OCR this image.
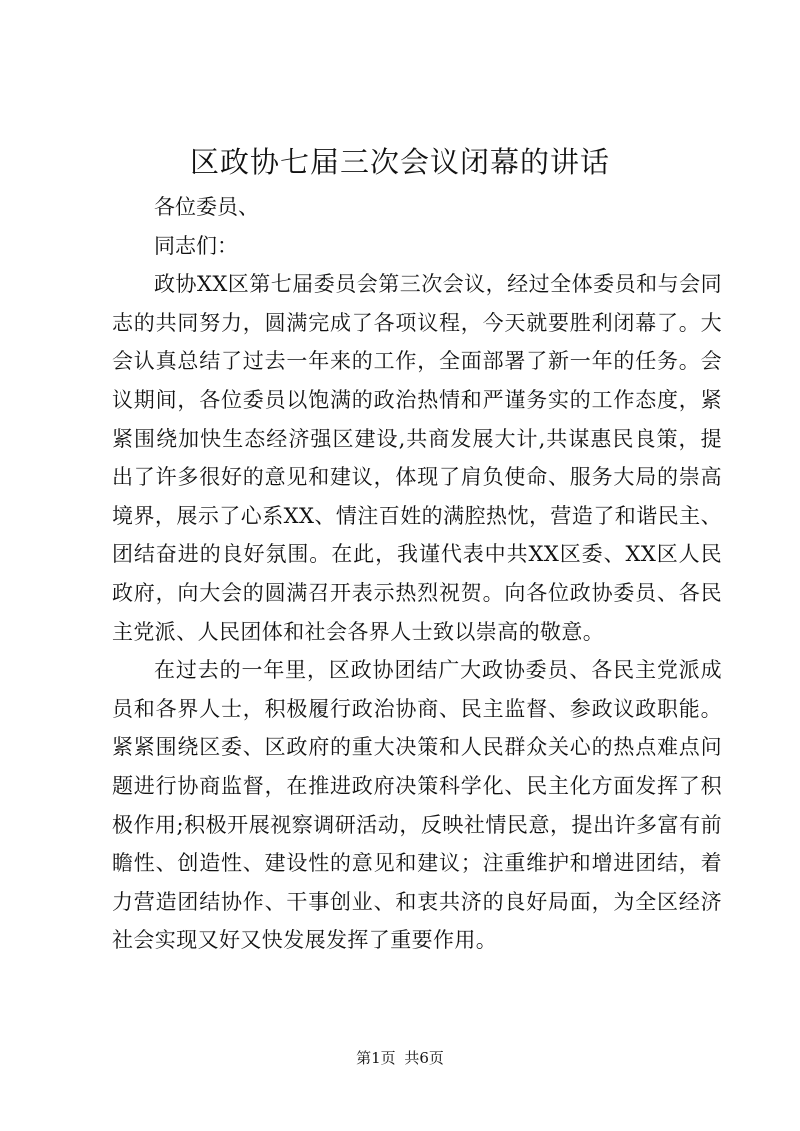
区政协七届三次会议闭幕的讲话

各位委员、

同志们：

政协XX区第七届委员会第三次会议，经过全体委员和与会同志的共同努力，圆满完成了各项议程，今天就要胜利闭幕了。大会认真总结了过去一年来的工作，全面部署了新一年的任务。会议期间，各位委员以饱满的政治热情和严谨务实的工作态度，紧紧围绕加快生态经济强区建设,共商发展大计,共谋惠民良策，提出了许多很好的意见和建议，体现了肩负使命、服务大局的崇高境界，展示了心系XX、情注百姓的满腔热忱，营造了和谐民主、团结奋进的良好氛围。在此，我谨代表中共XX区委、XX区人民政府，向大会的圆满召开表示热烈祝贺。向各位政协委员、各民主党派、人民团体和社会各界人士致以崇高的敬意。

在过去的一年里，区政协团结广大政协委员、各民主党派成员和各界人士，积极履行政治协商、民主监督、参政议政职能。紧紧围绕区委、区政府的重大决策和人民群众关心的热点难点问题进行协商监督，在推进政府决策科学化、民主化方面发挥了积极作用;积极开展视察调研活动，反映社情民意，提出许多富有前瞻性、创造性、建设性的意见和建议；注重维护和增进团结，着力营造团结协作、干事创业、和衷共济的良好局面，为全区经济社会实现又好又快发展发挥了重要作用。

第1页 共6页
